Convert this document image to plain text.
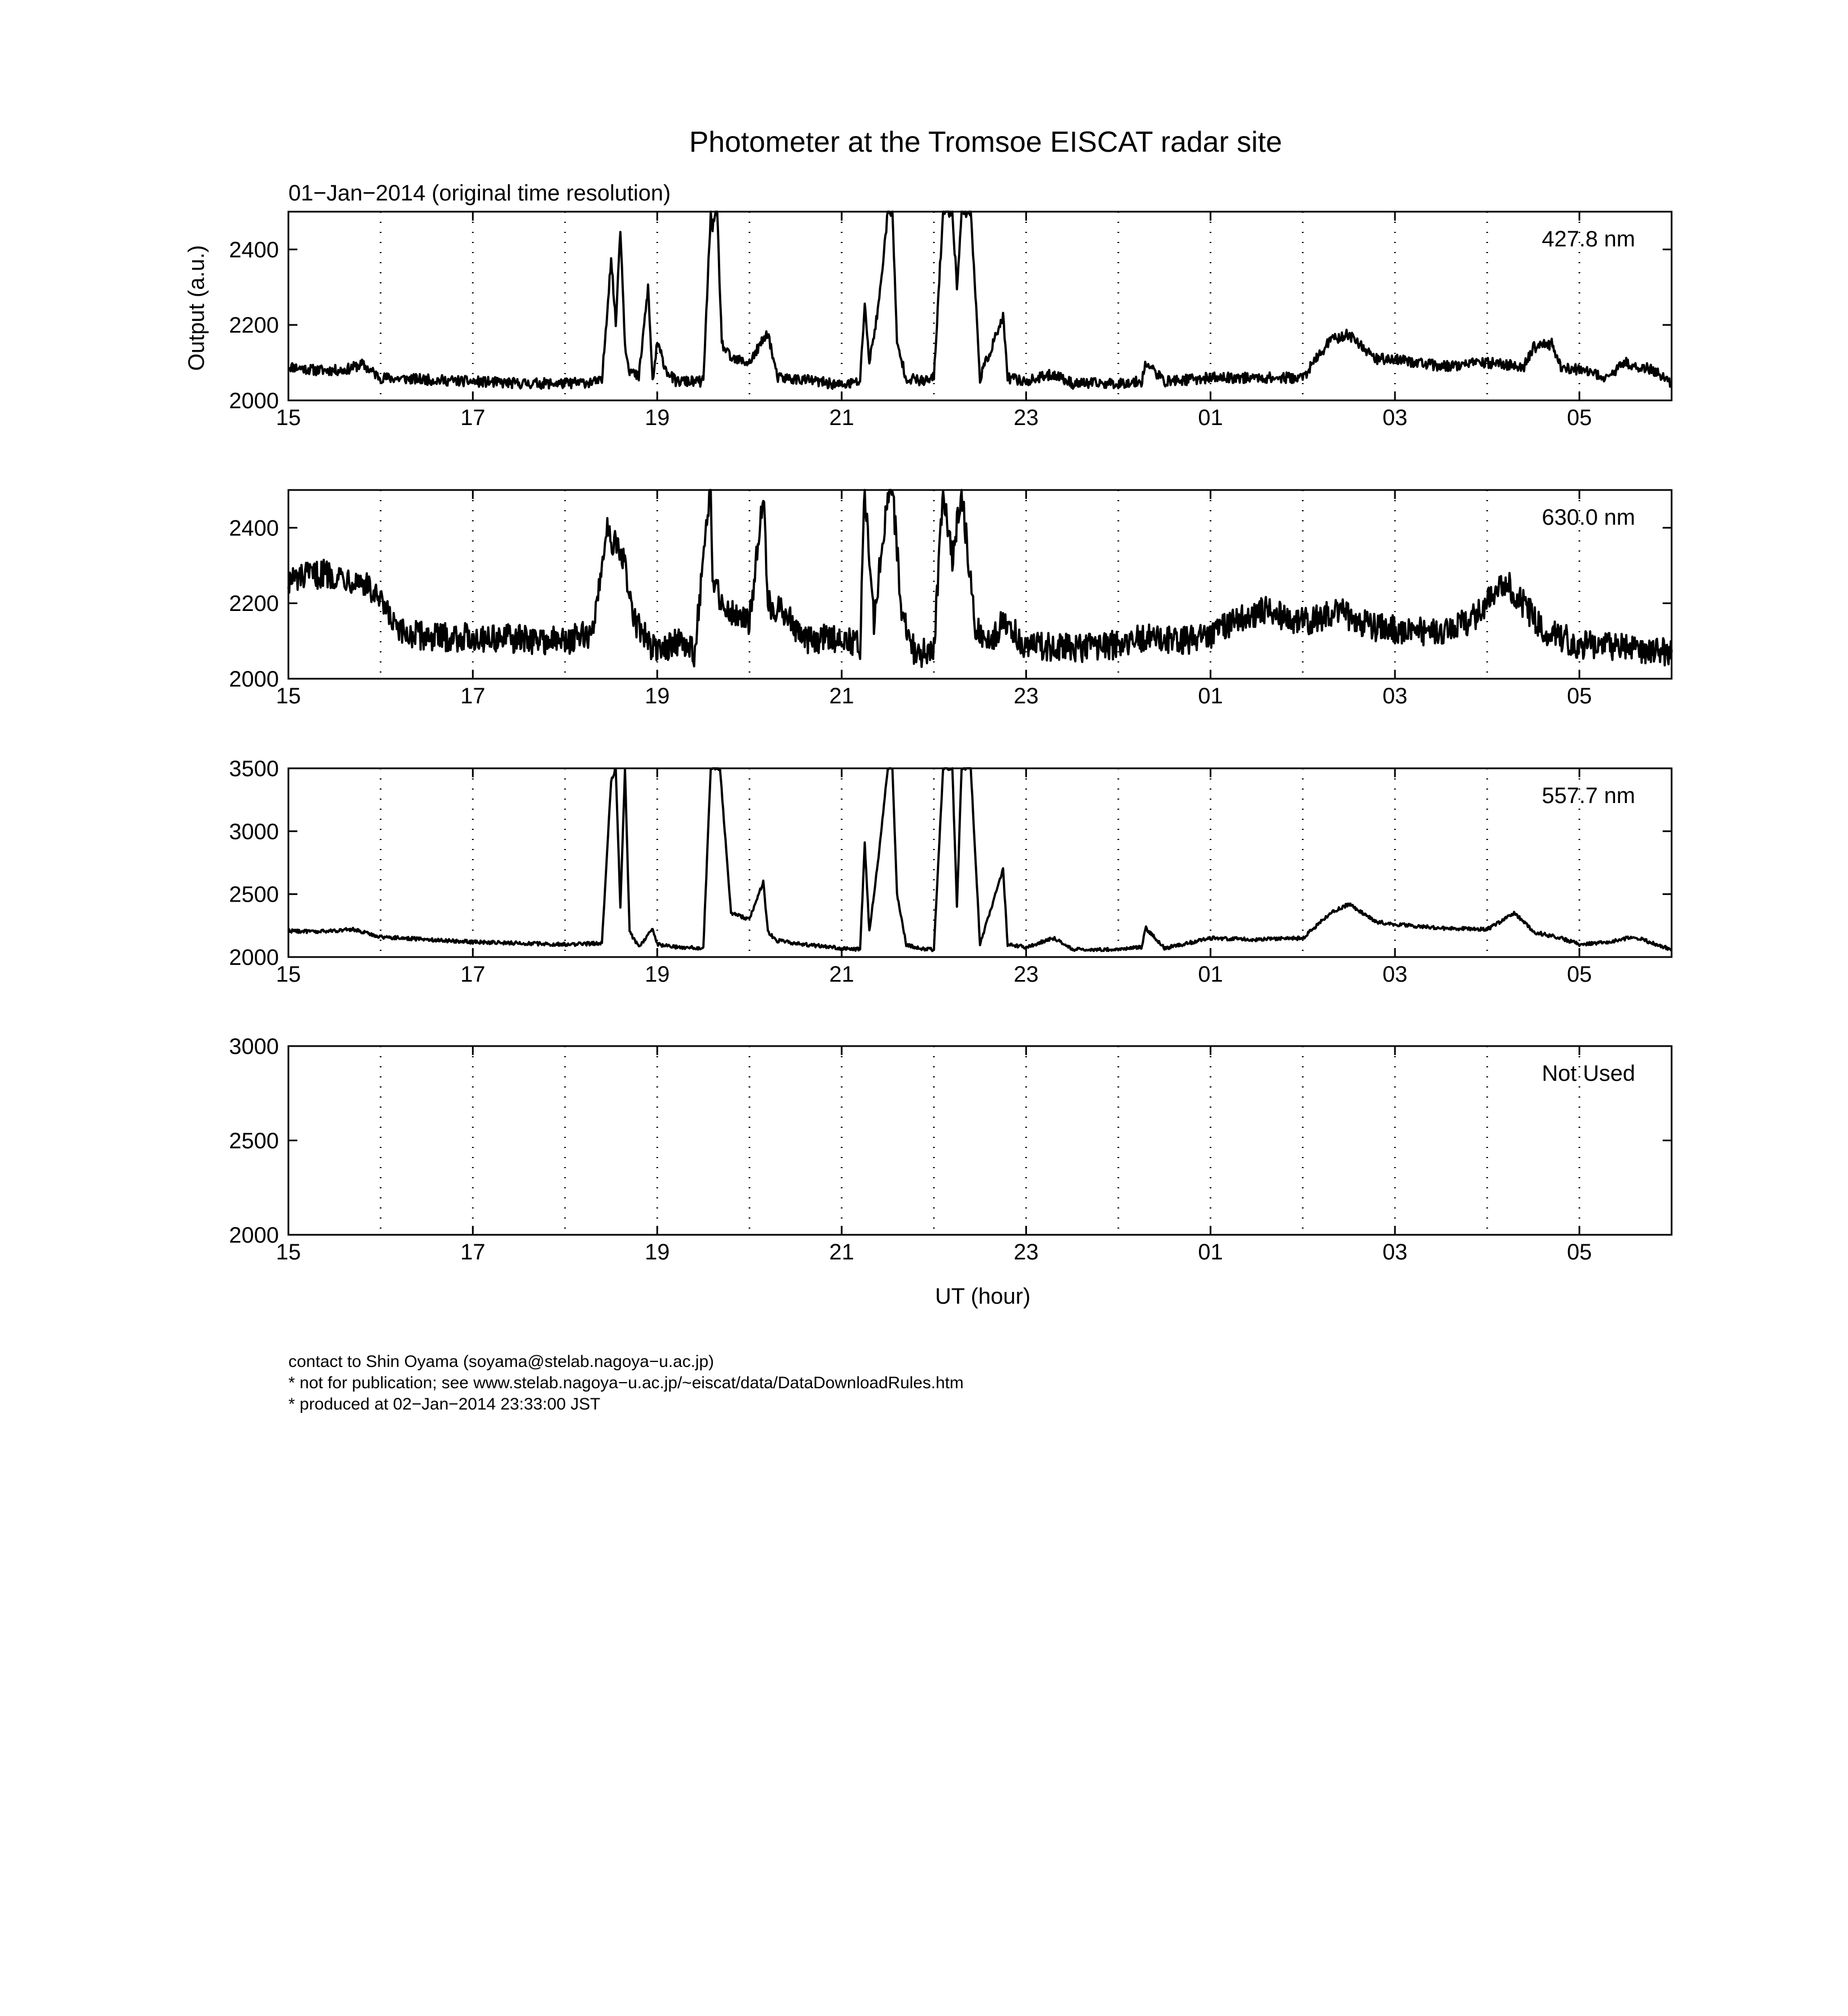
Photometer at the Tromsoe EISCAT radar site
01−Jan−2014 (original time resolution)
Output (a.u.)
UT (hour)
15	17	19	21	23	01	03	05
2000
2200
2400	427.8 nm
15	17	19	21	23	01	03	05
2000
2200
2400	630.0 nm
15	17	19	21	23	01	03	05
2000
2500
3000
3500
557.7 nm
15	17	19	21	23	01	03	05
2000
2500
3000
Not Used
contact to Shin Oyama (soyama@stelab.nagoya−u.ac.jp)
* not for publication; see www.stelab.nagoya−u.ac.jp/~eiscat/data/DataDownloadRules.htm
* produced at 02−Jan−2014 23:33:00 JST
